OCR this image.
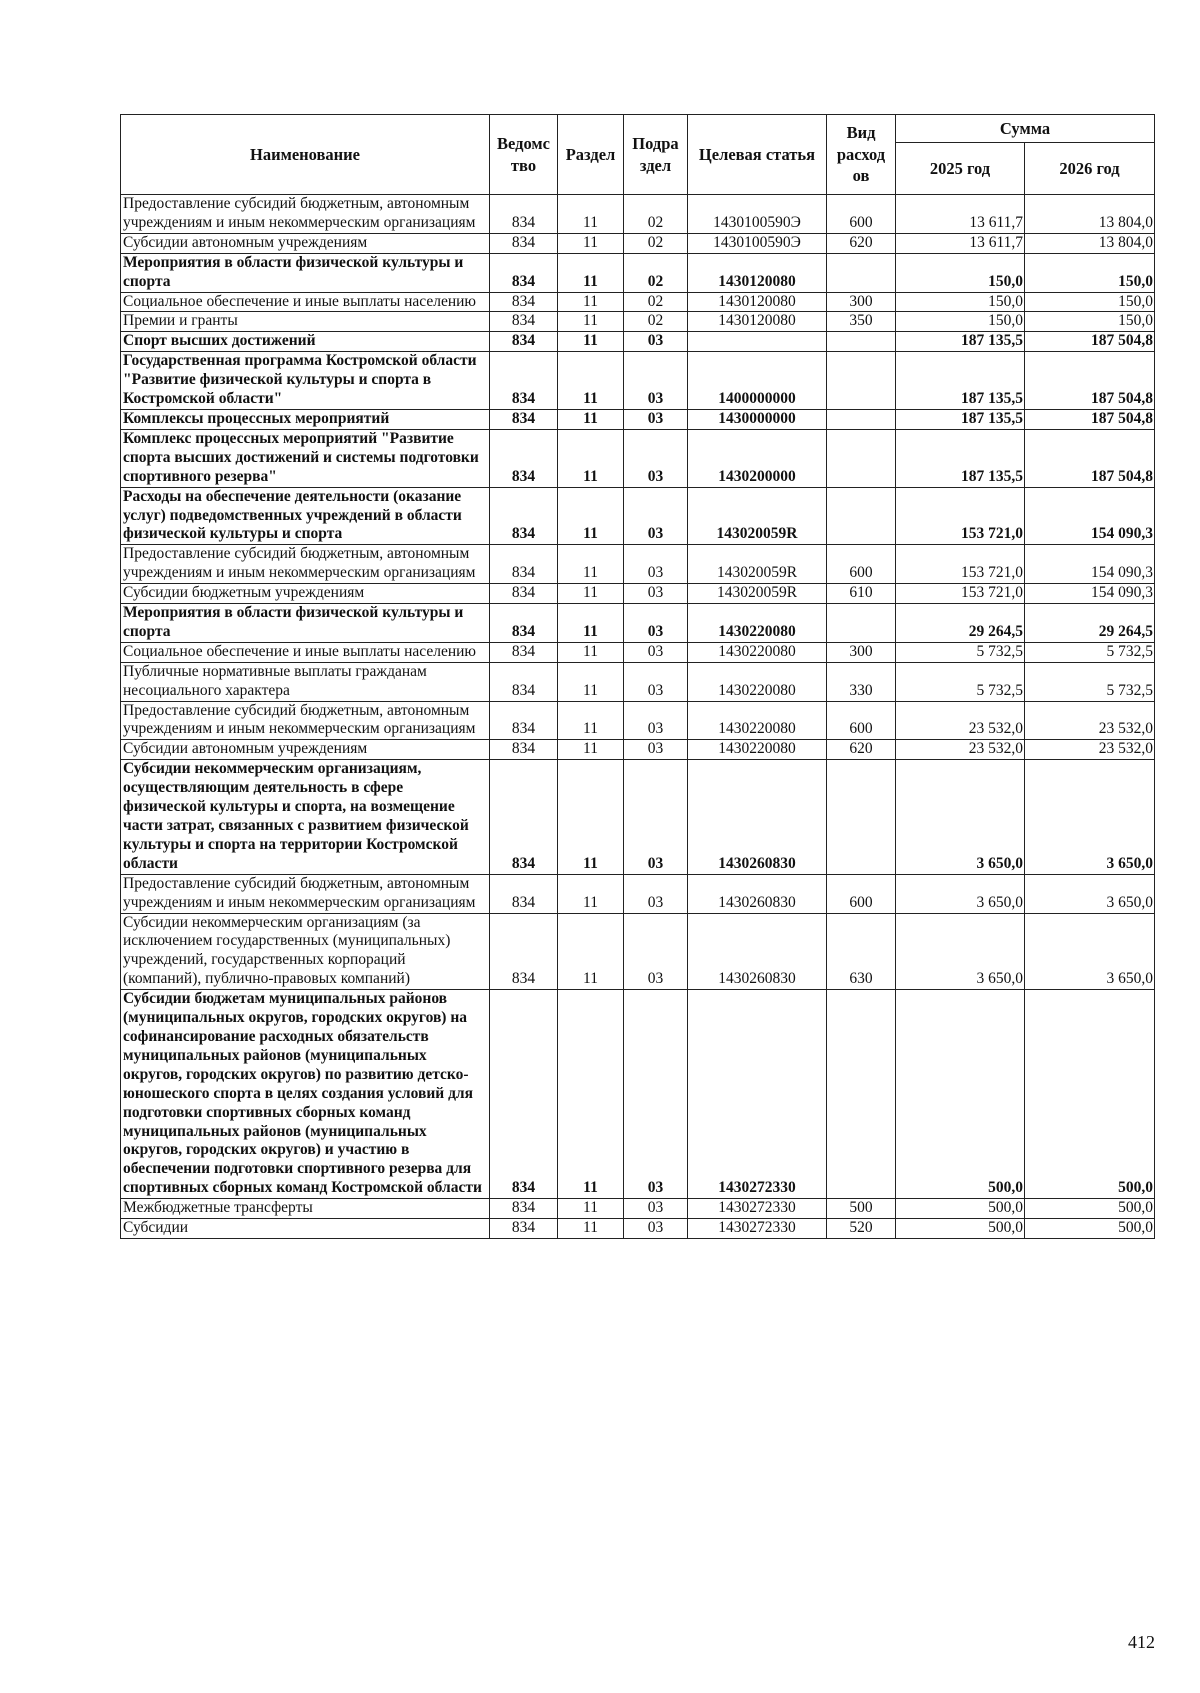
Наименование	Ведомс тво	Раздел	Подра здел	Целевая статья	Вид расход ов	Сумма	
						2025 год	2026 год
Предоставление субсидий бюджетным, автономным учреждениям и иным некоммерческим организациям	834	11	02	1430100590Э	600	13 611,7	13 804,0
Субсидии автономным учреждениям	834	11	02	1430100590Э	620	13 611,7	13 804,0
Мероприятия в области физической культуры и спорта	834	11	02	1430120080		150,0	150,0
Социальное обеспечение и иные выплаты населению	834	11	02	1430120080	300	150,0	150,0
Премии и гранты	834	11	02	1430120080	350	150,0	150,0
Спорт высших достижений	834	11	03			187 135,5	187 504,8
Государственная программа Костромской области "Развитие физической культуры и спорта в Костромской области"	834	11	03	1400000000		187 135,5	187 504,8
Комплексы процессных мероприятий	834	11	03	1430000000		187 135,5	187 504,8
Комплекс процессных мероприятий "Развитие спорта высших достижений и системы подготовки спортивного резерва"	834	11	03	1430200000		187 135,5	187 504,8
Расходы на обеспечение деятельности (оказание услуг) подведомственных учреждений в области физической культуры и спорта	834	11	03	143020059R		153 721,0	154 090,3
Предоставление субсидий бюджетным, автономным учреждениям и иным некоммерческим организациям	834	11	03	143020059R	600	153 721,0	154 090,3
Субсидии бюджетным учреждениям	834	11	03	143020059R	610	153 721,0	154 090,3
Мероприятия в области физической культуры и спорта	834	11	03	1430220080		29 264,5	29 264,5
Социальное обеспечение и иные выплаты населению	834	11	03	1430220080	300	5 732,5	5 732,5
Публичные нормативные выплаты гражданам несоциального характера	834	11	03	1430220080	330	5 732,5	5 732,5
Предоставление субсидий бюджетным, автономным учреждениям и иным некоммерческим организациям	834	11	03	1430220080	600	23 532,0	23 532,0
Субсидии автономным учреждениям	834	11	03	1430220080	620	23 532,0	23 532,0
Субсидии некоммерческим организациям, осуществляющим деятельность в сфере физической культуры и спорта, на возмещение части затрат, связанных с развитием физической культуры и спорта на территории Костромской области	834	11	03	1430260830		3 650,0	3 650,0
Предоставление субсидий бюджетным, автономным учреждениям и иным некоммерческим организациям	834	11	03	1430260830	600	3 650,0	3 650,0
Субсидии некоммерческим организациям (за исключением государственных (муниципальных) учреждений, государственных корпораций (компаний), публично-правовых компаний)	834	11	03	1430260830	630	3 650,0	3 650,0
Субсидии бюджетам муниципальных районов (муниципальных округов, городских округов) на софинансирование расходных обязательств муниципальных районов (муниципальных округов, городских округов) по развитию детско-юношеского спорта в целях создания условий для подготовки спортивных сборных команд муниципальных районов (муниципальных округов, городских округов) и участию в обеспечении подготовки спортивного резерва для спортивных сборных команд Костромской области	834	11	03	1430272330		500,0	500,0
Межбюджетные трансферты	834	11	03	1430272330	500	500,0	500,0
Субсидии	834	11	03	1430272330	520	500,0	500,0
412
